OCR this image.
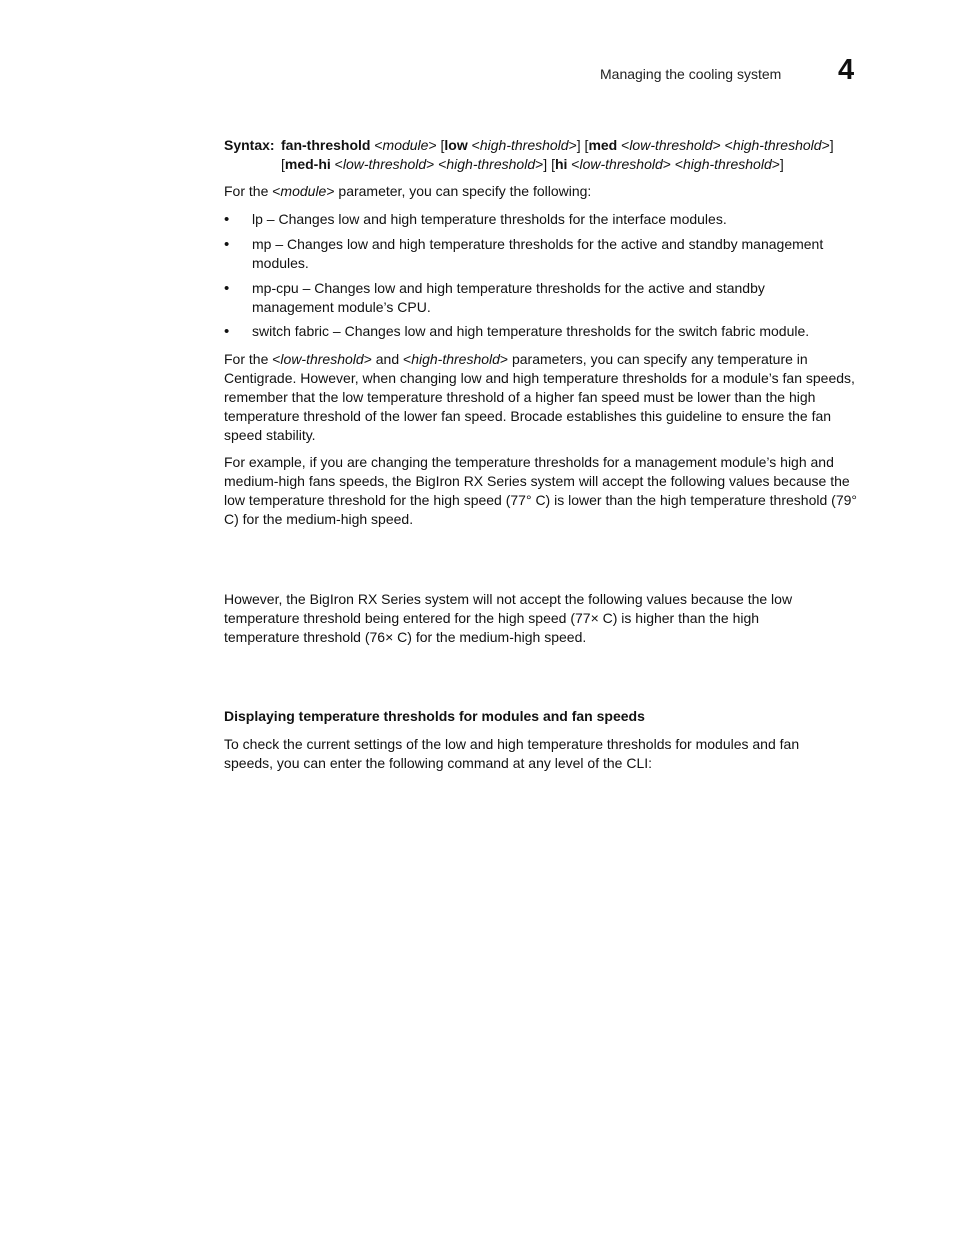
Managing the cooling system 4
Syntax: fan-threshold <module> [low <high-threshold>] [med <low-threshold> <high-threshold>]
[med-hi <low-threshold> <high-threshold>] [hi <low-threshold> <high-threshold>]

For the <module> parameter, you can specify the following:

•	lp – Changes low and high temperature thresholds for the interface modules.
•	mp – Changes low and high temperature thresholds for the active and standby management modules.
•	mp-cpu – Changes low and high temperature thresholds for the active and standby management module’s CPU.
•	switch fabric – Changes low and high temperature thresholds for the switch fabric module.

For the <low-threshold> and <high-threshold> parameters, you can specify any temperature in Centigrade. However, when changing low and high temperature thresholds for a module’s fan speeds, remember that the low temperature threshold of a higher fan speed must be lower than the high temperature threshold of the lower fan speed. Brocade establishes this guideline to ensure the fan speed stability.

For example, if you are changing the temperature thresholds for a management module’s high and medium-high fans speeds, the BigIron RX Series system will accept the following values because the low temperature threshold for the high speed (77° C) is lower than the high temperature threshold (79° C) for the medium-high speed.

However, the BigIron RX Series system will not accept the following values because the low temperature threshold being entered for the high speed (77× C) is higher than the high temperature threshold (76× C) for the medium-high speed.

Displaying temperature thresholds for modules and fan speeds

To check the current settings of the low and high temperature thresholds for modules and fan speeds, you can enter the following command at any level of the CLI:
